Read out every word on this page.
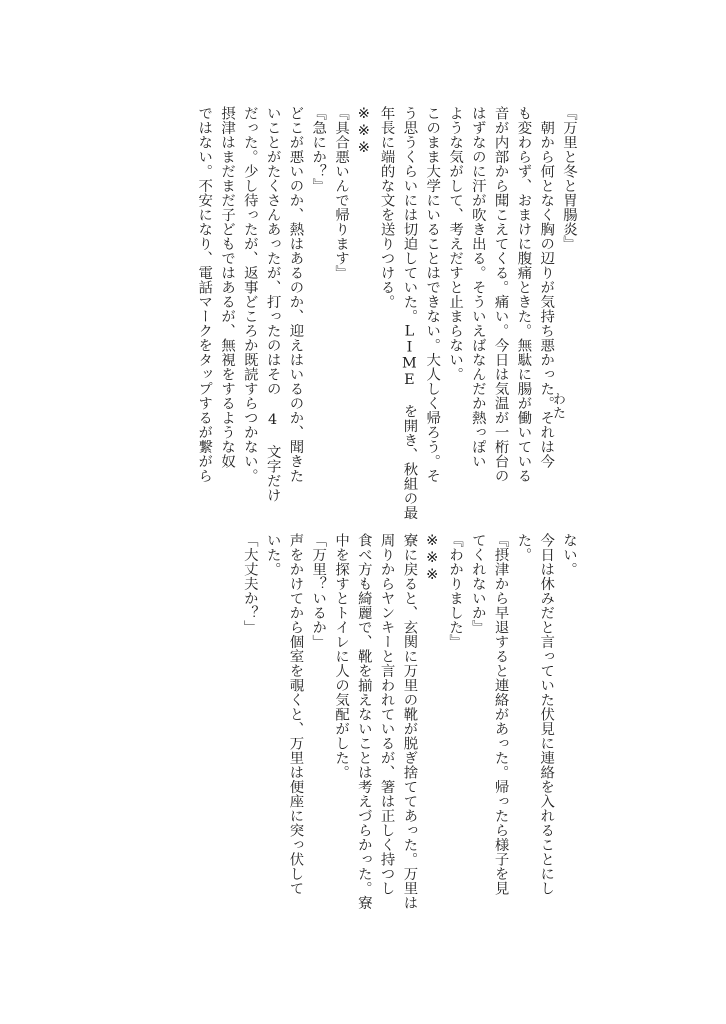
『万里と冬と胃腸炎』

　朝から何となく胸の辺りが気持ち悪かった。それは今

も変わらず、おまけに腹痛ときた。無駄に腸が働いている

音が内部から聞こえてくる。痛い。今日は気温が一桁台の

はずなのに汗が吹き出る。そういえばなんだか熱っぽい

ような気がして、考えだすと止まらない。

このまま大学にいることはできない。大人しく帰ろう。そ

う思うくらいには切迫していた。LIME を開き、秋組の最

年長に端的な文を送りつける。

※※※

『具合悪いんで帰ります』

『急にか？』

どこが悪いのか、熱はあるのか、迎えはいるのか、聞きた

いことがたくさんあったが、打ったのはその 4 文字だけ

だった。少し待ったが、返事どころか既読すらつかない。

摂津はまだまだ子どもではあるが、無視をするような奴

ではない。不安になり、電話マークをタップするが繋がら	わた

ない。

今日は休みだと言っていた伏見に連絡を入れることにし

た。

『摂津から早退すると連絡があった。帰ったら様子を見

てくれないか』

『わかりました』

※※※

寮に戻ると、玄関に万里の靴が脱ぎ捨ててあった。万里は

周りからヤンキーと言われているが、箸は正しく持つし

食べ方も綺麗で、靴を揃えないことは考えづらかった。寮

中を探すとトイレに人の気配がした。

「万里？いるか」

声をかけてから個室を覗くと、万里は便座に突っ伏して

いた。

「大丈夫か？」
